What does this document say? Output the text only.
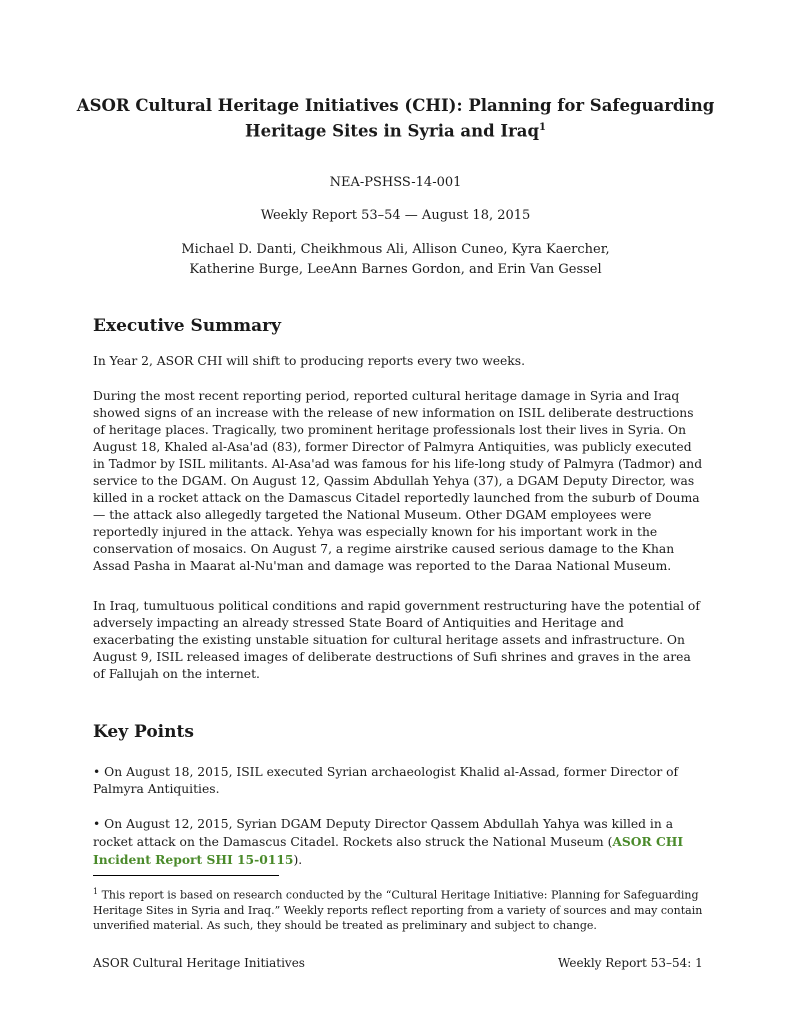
ASOR Cultural Heritage Initiatives (CHI): Planning for Safeguarding
Heritage Sites in Syria and Iraq$^1$

NEA-PSHSS-14-001

Weekly Report 53–54 — August 18, 2015

Michael D. Danti, Cheikhmous Ali, Allison Cuneo, Kyra Kaercher,
Katherine Burge, LeeAnn Barnes Gordon, and Erin Van Gessel

Executive Summary

In Year 2, ASOR CHI will shift to producing reports every two weeks.

During the most recent reporting period, reported cultural heritage damage in Syria and Iraq showed signs of an increase with the release of new information on ISIL deliberate destructions of heritage places. Tragically, two prominent heritage professionals lost their lives in Syria. On August 18, Khaled al-Asa'ad (83), former Director of Palmyra Antiquities, was publicly executed in Tadmor by ISIL militants. Al-Asa'ad was famous for his life-long study of Palmyra (Tadmor) and service to the DGAM. On August 12, Qassim Abdullah Yehya (37), a DGAM Deputy Director, was killed in a rocket attack on the Damascus Citadel reportedly launched from the suburb of Douma — the attack also allegedly targeted the National Museum. Other DGAM employees were reportedly injured in the attack. Yehya was especially known for his important work in the conservation of mosaics. On August 7, a regime airstrike caused serious damage to the Khan Assad Pasha in Maarat al-Nu'man and damage was reported to the Daraa National Museum.

In Iraq, tumultuous political conditions and rapid government restructuring have the potential of adversely impacting an already stressed State Board of Antiquities and Heritage and exacerbating the existing unstable situation for cultural heritage assets and infrastructure. On August 9, ISIL released images of deliberate destructions of Sufi shrines and graves in the area of Fallujah on the internet.

Key Points

• On August 18, 2015, ISIL executed Syrian archaeologist Khalid al-Assad, former Director of Palmyra Antiquities.

• On August 12, 2015, Syrian DGAM Deputy Director Qassem Abdullah Yahya was killed in a rocket attack on the Damascus Citadel. Rockets also struck the National Museum (ASOR CHI Incident Report SHI 15-0115).

$^1$ This report is based on research conducted by the “Cultural Heritage Initiative: Planning for Safeguarding Heritage Sites in Syria and Iraq.” Weekly reports reflect reporting from a variety of sources and may contain unverified material. As such, they should be treated as preliminary and subject to change.

ASOR Cultural Heritage Initiatives	Weekly Report 53–54: 1
